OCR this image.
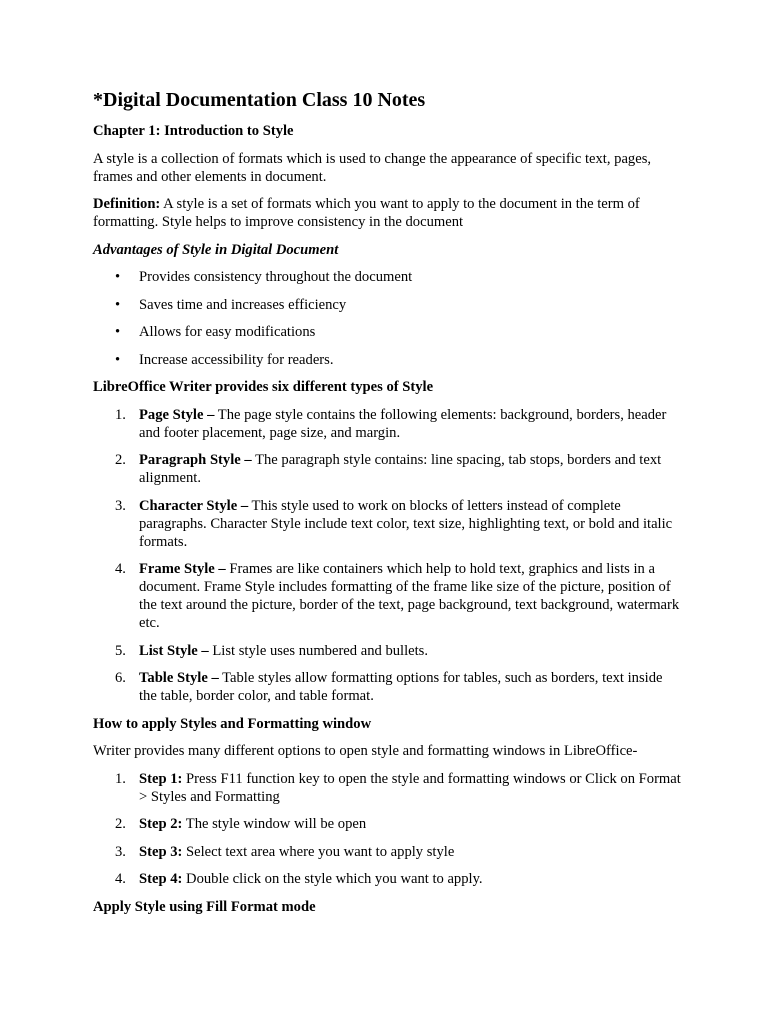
*Digital Documentation Class 10 Notes
Chapter 1: Introduction to Style
A style is a collection of formats which is used to change the appearance of specific text, pages, frames and other elements in document.
Definition: A style is a set of formats which you want to apply to the document in the term of formatting. Style helps to improve consistency in the document
Advantages of Style in Digital Document
• Provides consistency throughout the document
• Saves time and increases efficiency
• Allows for easy modifications
• Increase accessibility for readers.
LibreOffice Writer provides six different types of Style
1. Page Style – The page style contains the following elements: background, borders, header and footer placement, page size, and margin.
2. Paragraph Style – The paragraph style contains: line spacing, tab stops, borders and text alignment.
3. Character Style – This style used to work on blocks of letters instead of complete paragraphs. Character Style include text color, text size, highlighting text, or bold and italic formats.
4. Frame Style – Frames are like containers which help to hold text, graphics and lists in a document. Frame Style includes formatting of the frame like size of the picture, position of the text around the picture, border of the text, page background, text background, watermark etc.
5. List Style – List style uses numbered and bullets.
6. Table Style – Table styles allow formatting options for tables, such as borders, text inside the table, border color, and table format.
How to apply Styles and Formatting window
Writer provides many different options to open style and formatting windows in LibreOffice-
1. Step 1: Press F11 function key to open the style and formatting windows or Click on Format > Styles and Formatting
2. Step 2: The style window will be open
3. Step 3: Select text area where you want to apply style
4. Step 4: Double click on the style which you want to apply.
Apply Style using Fill Format mode
